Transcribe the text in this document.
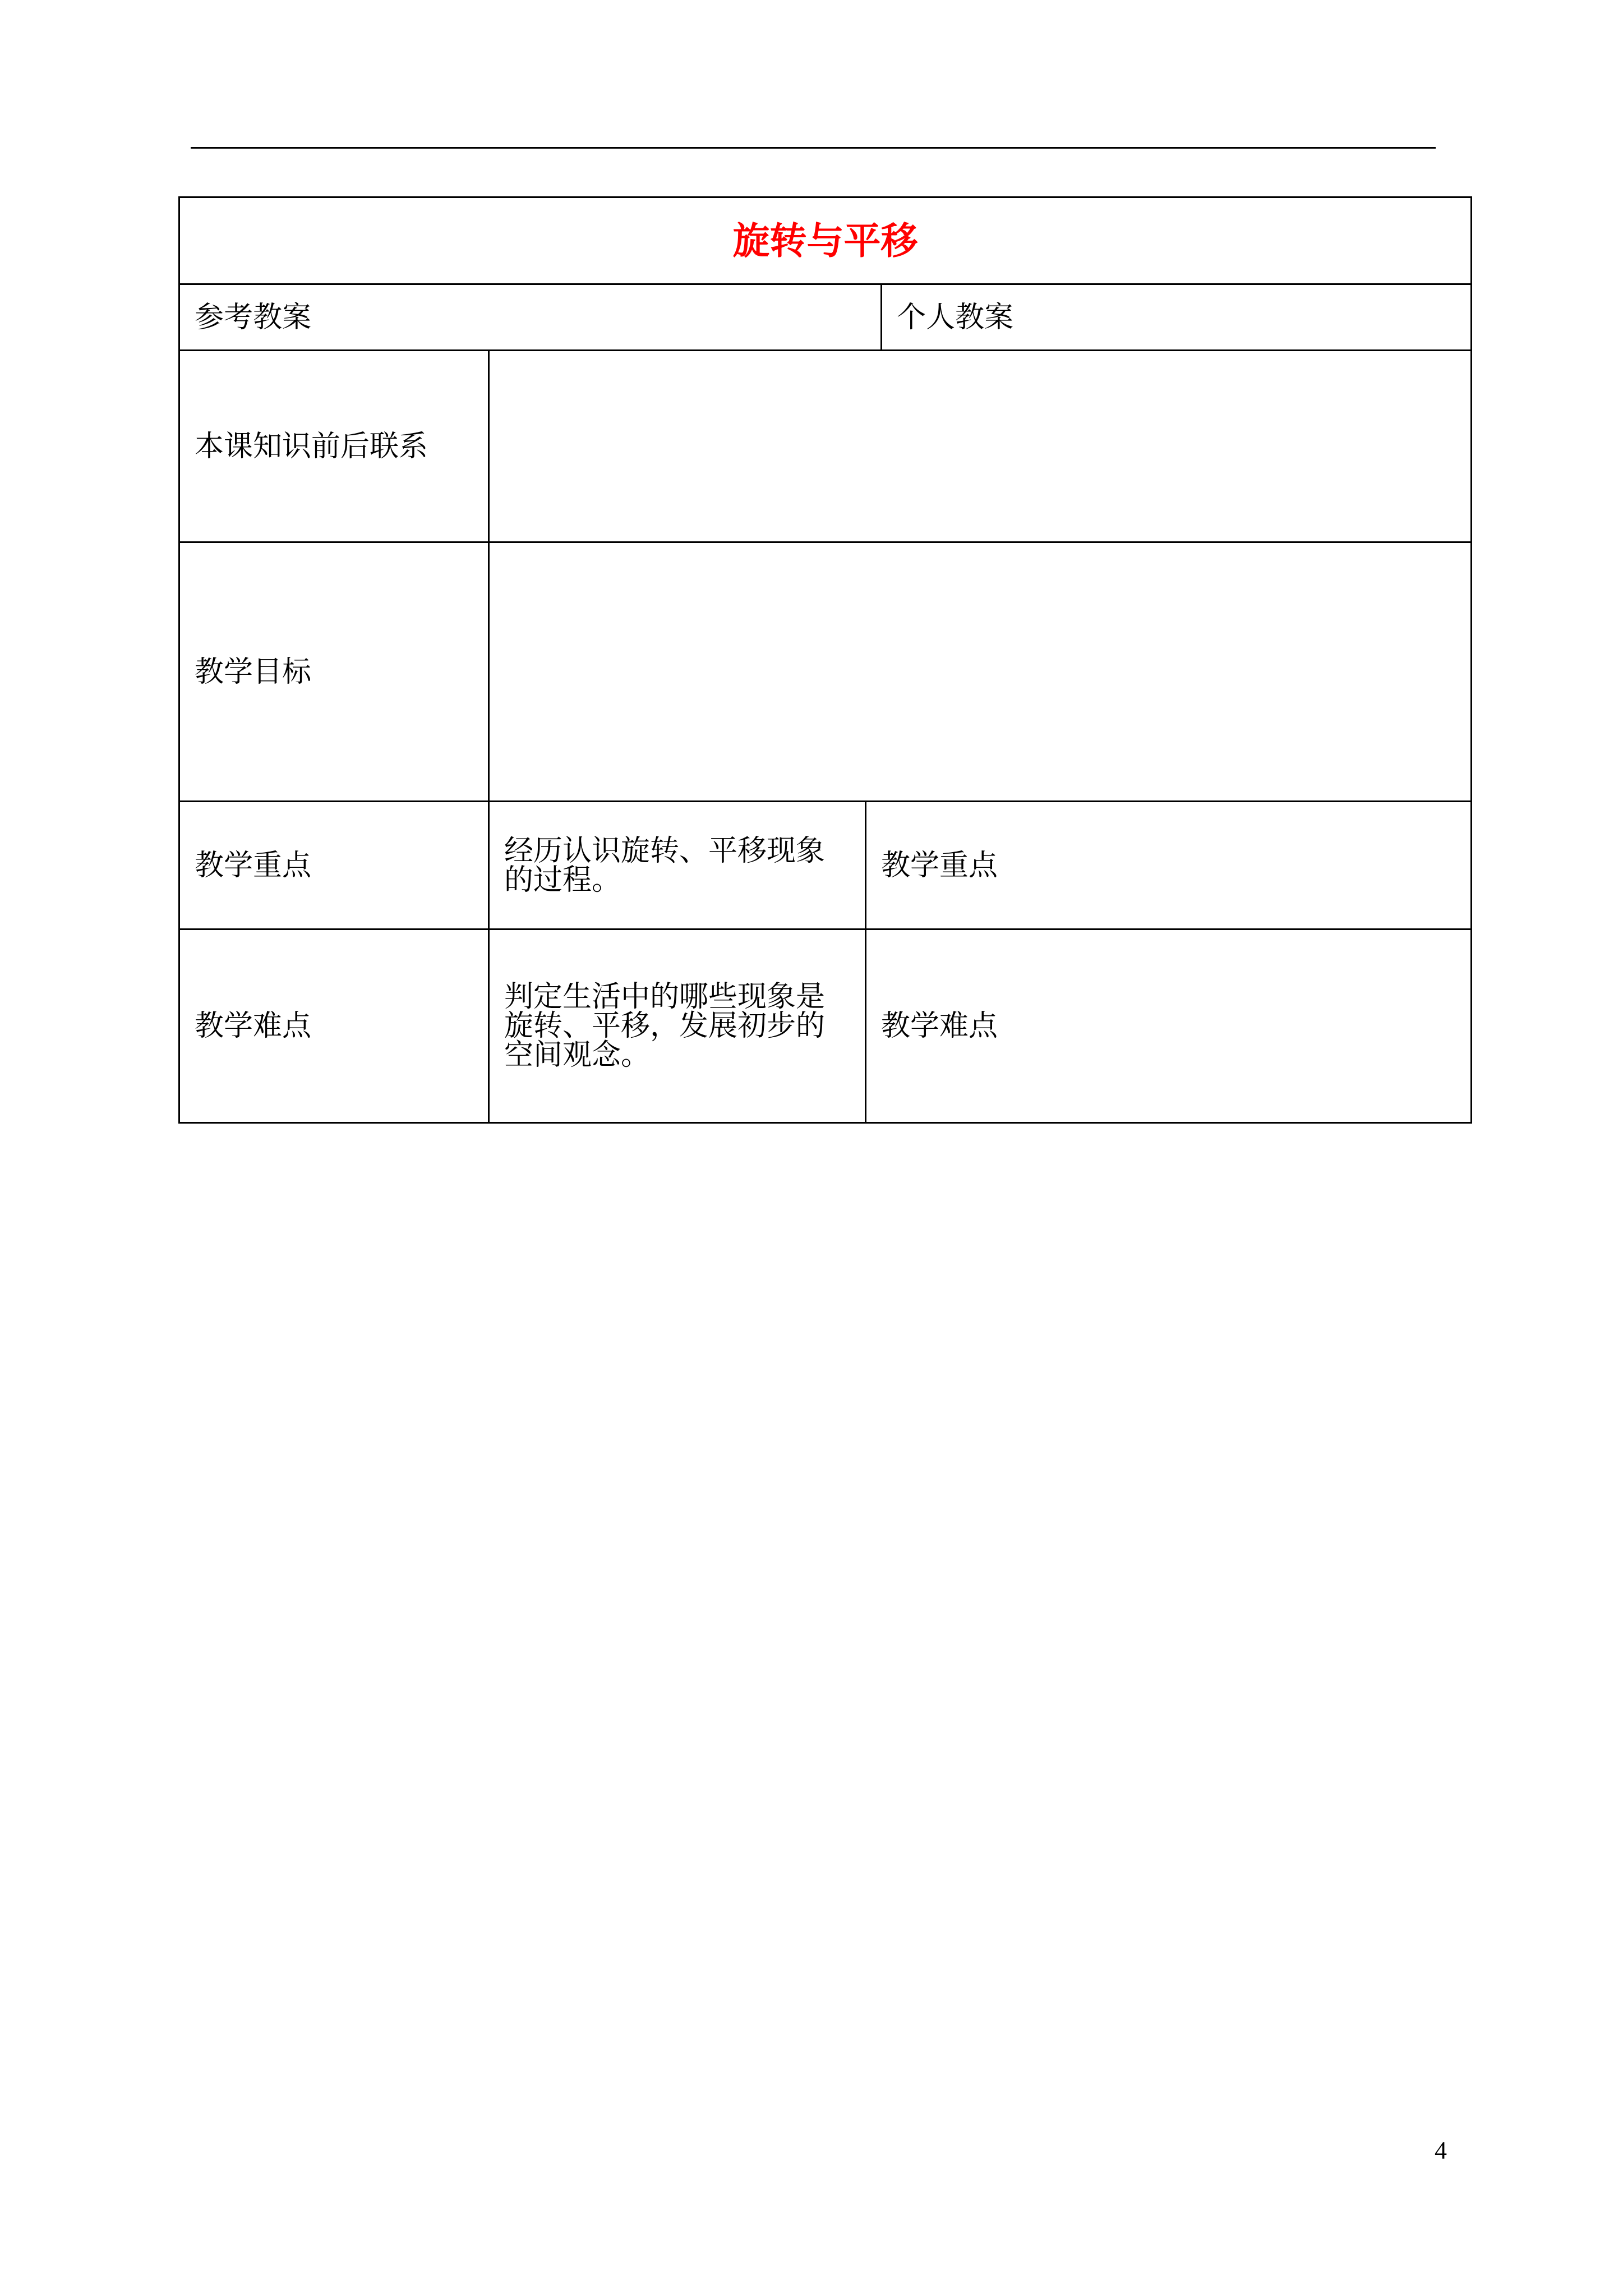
旋转与平移			
参考教案			个人教案
本课知识前后联系			
教学目标			
教学重点	经历认识旋转、平移现象的过程。	教学重点	
教学难点	判定生活中的哪些现象是旋转、平移，发展初步的空间观念。	教学难点	
4
